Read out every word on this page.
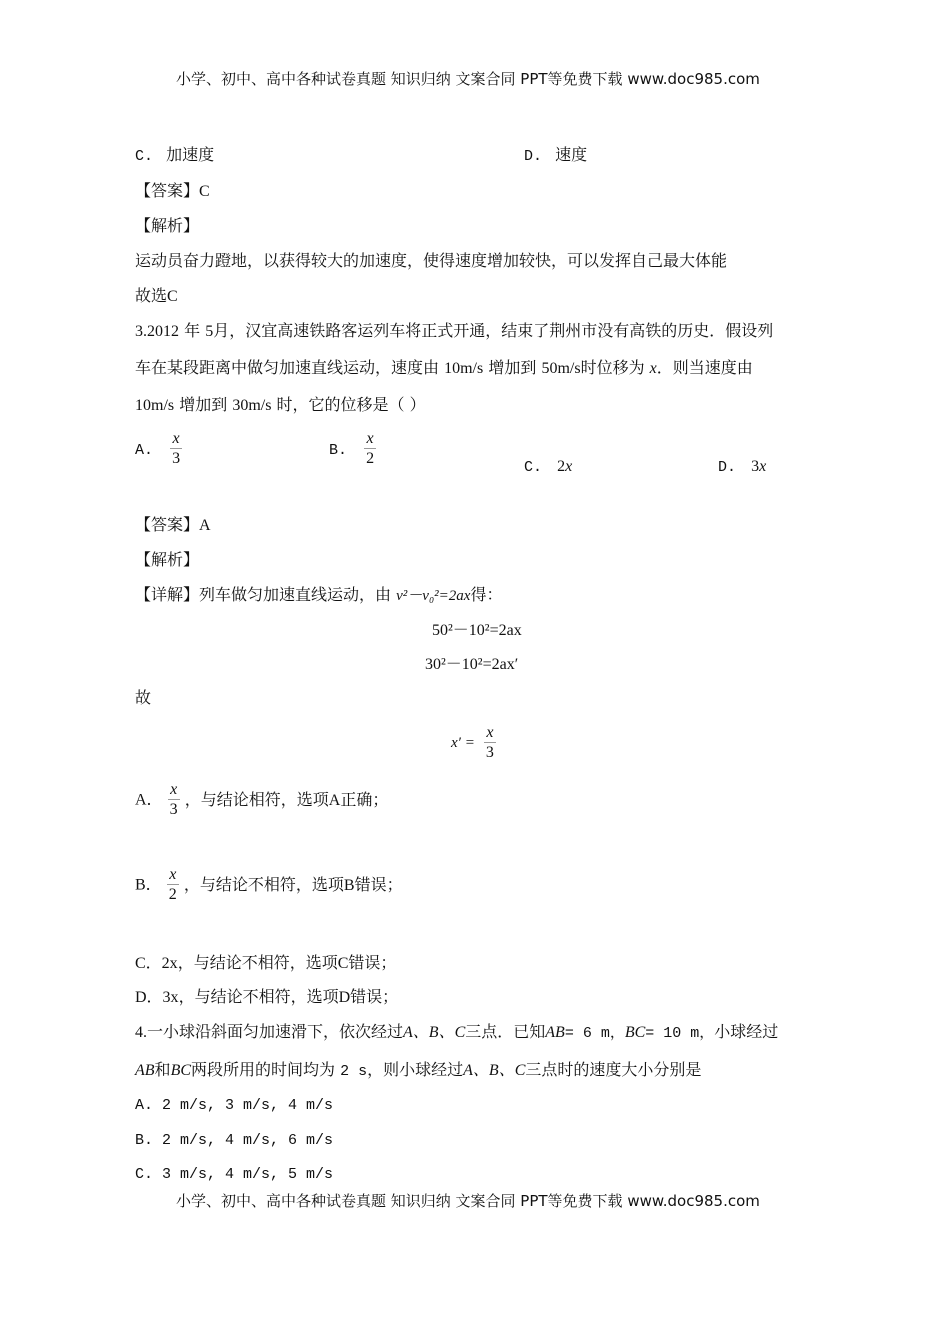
小学、初中、高中各种试卷真题 知识归纳 文案合同 PPT等免费下载 www.doc985.com
C. 加速度	D. 速度
【答案】C
【解析】
运动员奋力蹬地，以获得较大的加速度，使得速度增加较快，可以发挥自己最大体能
故选C
3.2012 年 5月，汉宜高速铁路客运列车将正式开通，结束了荆州市没有高铁的历史．假设列
车在某段距离中做匀加速直线运动，速度由 10m/s 增加到 50m/s时位移为 x．则当速度由
10m/s 增加到 30m/s 时，它的位移是（ ）
A. $\frac{x}{3}$	B. $\frac{x}{2}$	C. 2x	D. 3x
【答案】A
【解析】
【详解】列车做匀加速直线运动，由 v²－v₀²=2ax得：
50²－10²=2ax
30²－10²=2ax′
故
$x' = \frac{x}{3}$
A． $\frac{x}{3}$ ，与结论相符，选项A正确；
B． $\frac{x}{2}$ ，与结论不相符，选项B错误；
C．2x，与结论不相符，选项C错误；
D．3x，与结论不相符，选项D错误；
4.一小球沿斜面匀加速滑下，依次经过A、B、C三点．已知AB= 6 m，BC= 10 m，小球经过
AB和BC两段所用的时间均为 2 s，则小球经过A、B、C三点时的速度大小分别是
A. 2 m/s, 3 m/s, 4 m/s
B. 2 m/s, 4 m/s, 6 m/s
C. 3 m/s, 4 m/s, 5 m/s
小学、初中、高中各种试卷真题 知识归纳 文案合同 PPT等免费下载 www.doc985.com
